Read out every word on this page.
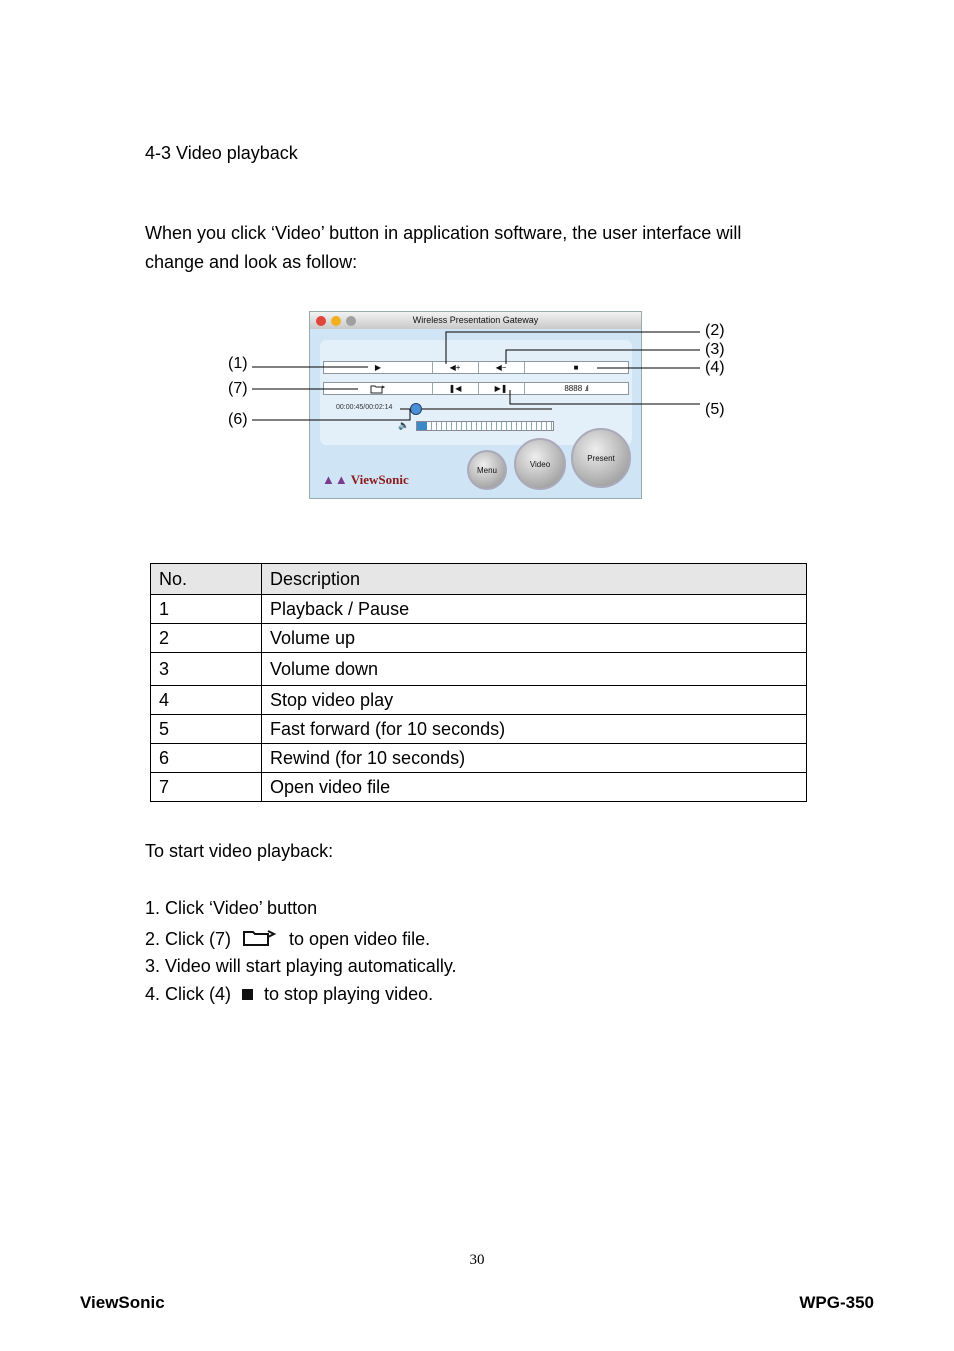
4-3 Video playback
When you click ‘Video’ button in application software, the user interface will
change and look as follow:
Wireless Presentation Gateway
▶	◀+	◀−	■
❚◀	▶❚	8888 .ıl
00:00:45/00:02:14
🔈
▲▲ ViewSonic
Menu
Video
Present
(1)
(7)
(6)
(2)
(3)
(4)
(5)
No.	Description
1	Playback / Pause
2	Volume up
3	Volume down
4	Stop video play
5	Fast forward (for 10 seconds)
6	Rewind (for 10 seconds)
7	Open video file
To start video playback:
1. Click ‘Video’ button
2. Click (7)	to open video file.
3. Video will start playing automatically.
4. Click (4) to stop playing video.
30
ViewSonic	WPG-350
